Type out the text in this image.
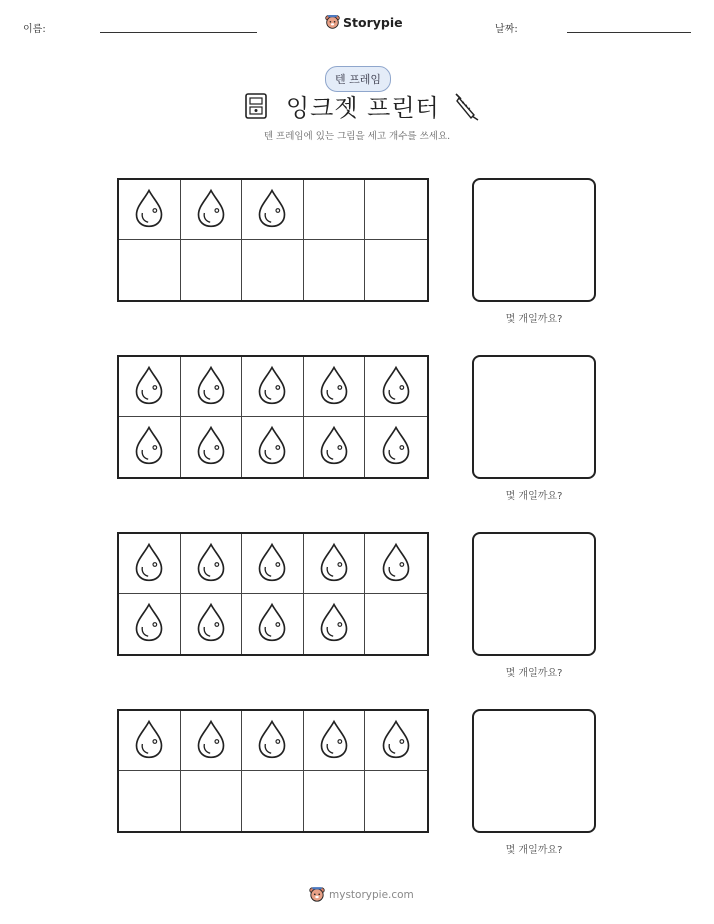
이름:	Storypie	날짜:
텐 프레임
잉크젯 프린터
텐 프레임에 있는 그림을 세고 개수를 쓰세요.
몇 개일까요?
몇 개일까요?
몇 개일까요?
몇 개일까요?
mystorypie.com
